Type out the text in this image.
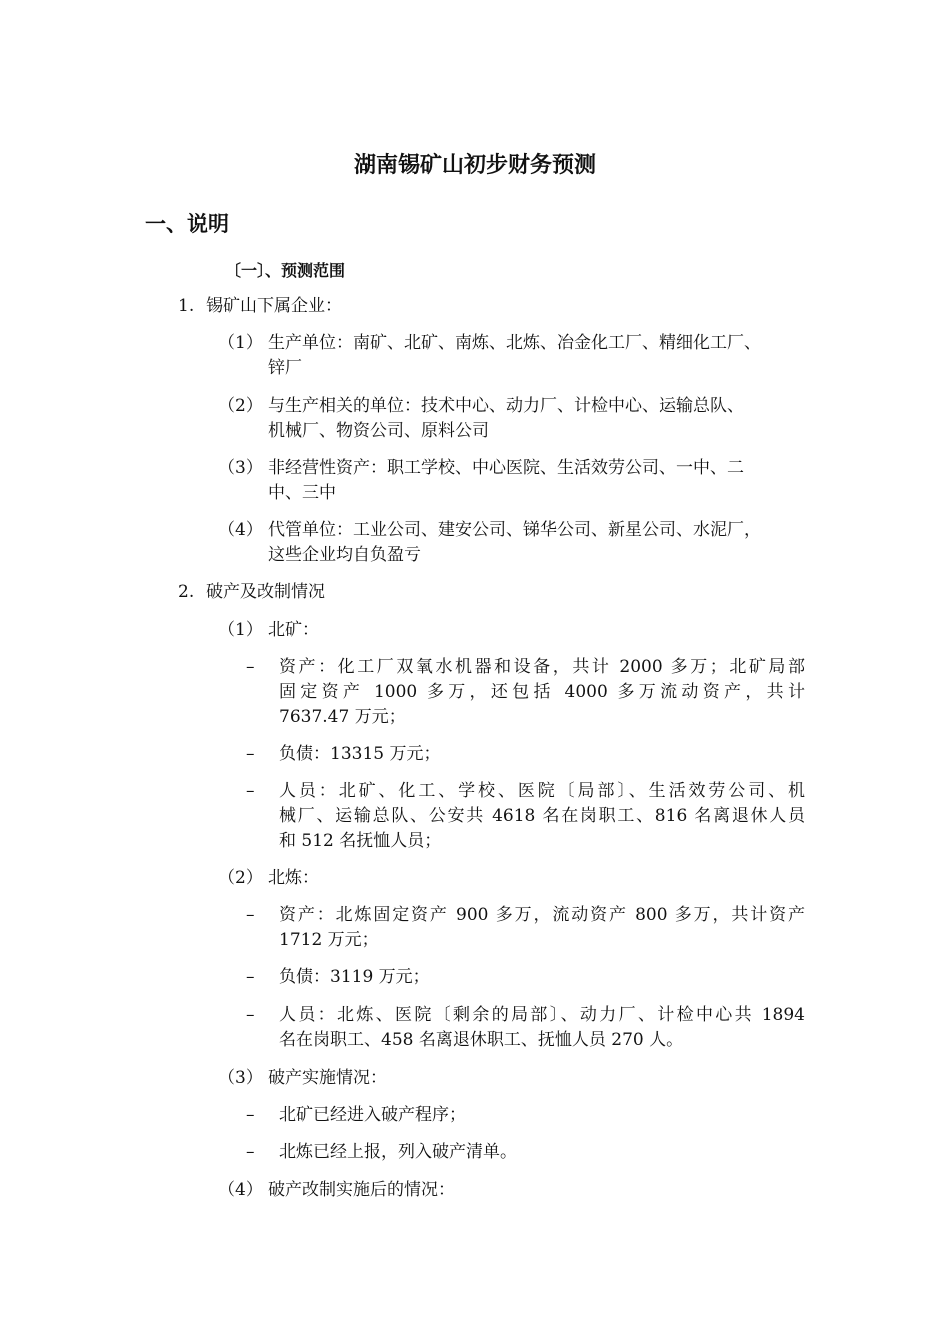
湖南锡矿山初步财务预测
一、说明
〔一〕、预测范围
1. 锡矿山下属企业：
（1） 生产单位：南矿、北矿、南炼、北炼、冶金化工厂、精细化工厂、
锌厂
（2） 与生产相关的单位：技术中心、动力厂、计检中心、运输总队、
机械厂、物资公司、原料公司
（3） 非经营性资产：职工学校、中心医院、生活效劳公司、一中、二
中、三中
（4） 代管单位：工业公司、建安公司、锑华公司、新星公司、水泥厂，
这些企业均自负盈亏
2. 破产及改制情况
（1） 北矿：
– 资产：化工厂双氧水机器和设备，共计 2000 多万；北矿局部
固定资产 1000 多万，还包括 4000 多万流动资产，共计
7637.47 万元；
– 负债：13315 万元；
– 人员：北矿、化工、学校、医院〔局部〕、生活效劳公司、机
械厂、运输总队、公安共 4618 名在岗职工、816 名离退休人员
和 512 名抚恤人员；
（2） 北炼：
– 资产：北炼固定资产 900 多万，流动资产 800 多万，共计资产
1712 万元；
– 负债：3119 万元；
– 人员：北炼、医院〔剩余的局部〕、动力厂、计检中心共 1894
名在岗职工、458 名离退休职工、抚恤人员 270 人。
（3） 破产实施情况：
– 北矿已经进入破产程序；
– 北炼已经上报，列入破产清单。
（4） 破产改制实施后的情况：
